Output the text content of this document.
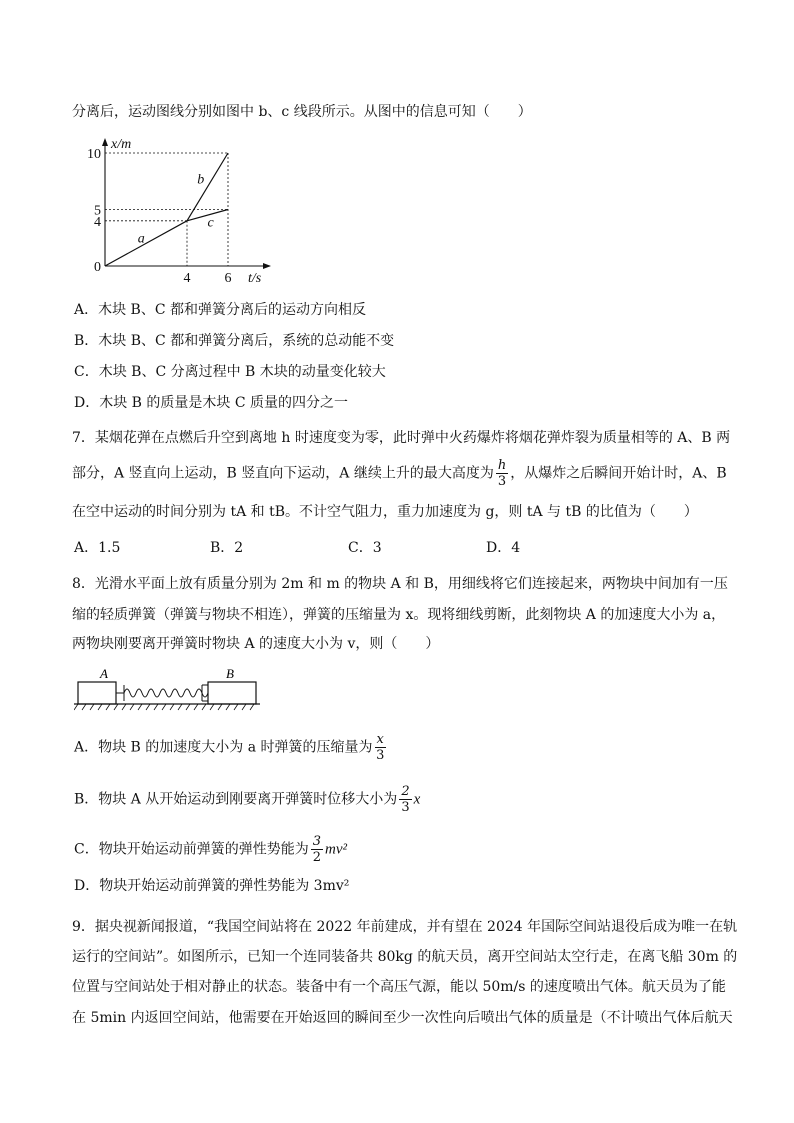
分离后，运动图线分别如图中 b、c 线段所示。从图中的信息可知（　　）
a
b
c
10
5
4
0
4 6
x/m
t/s
A．木块 B、C 都和弹簧分离后的运动方向相反
B．木块 B、C 都和弹簧分离后，系统的总动能不变
C．木块 B、C 分离过程中 B 木块的动量变化较大
D．木块 B 的质量是木块 C 质量的四分之一
7．某烟花弹在点燃后升空到离地 h 时速度变为零，此时弹中火药爆炸将烟花弹炸裂为质量相等的 A、B 两
部分，A 竖直向上运动，B 竖直向下运动，A 继续上升的最大高度为 $\frac{h}{3}$ ，从爆炸之后瞬间开始计时，A、B
在空中运动的时间分别为 tA 和 tB。不计空气阻力，重力加速度为 g，则 tA 与 tB 的比值为（　　）
A．1.5	B．2	C．3	D．4
8．光滑水平面上放有质量分别为 2m 和 m 的物块 A 和 B，用细线将它们连接起来，两物块中间加有一压
缩的轻质弹簧（弹簧与物块不相连），弹簧的压缩量为 x。现将细线剪断，此刻物块 A 的加速度大小为 a，
两物块刚要离开弹簧时物块 A 的速度大小为 v，则（　　）
A	B
A．物块 B 的加速度大小为 a 时弹簧的压缩量为 $\frac{x}{3}$
B．物块 A 从开始运动到刚要离开弹簧时位移大小为 $\frac{2}{3}$ x
C．物块开始运动前弹簧的弹性势能为 $\frac{3}{2} mv^2$
D．物块开始运动前弹簧的弹性势能为 3mv²
9．据央视新闻报道，“我国空间站将在 2022 年前建成，并有望在 2024 年国际空间站退役后成为唯一在轨
运行的空间站”。如图所示，已知一个连同装备共 80kg 的航天员，离开空间站太空行走，在离飞船 30m 的
位置与空间站处于相对静止的状态。装备中有一个高压气源，能以 50m/s 的速度喷出气体。航天员为了能
在 5min 内返回空间站，他需要在开始返回的瞬间至少一次性向后喷出气体的质量是（不计喷出气体后航天
